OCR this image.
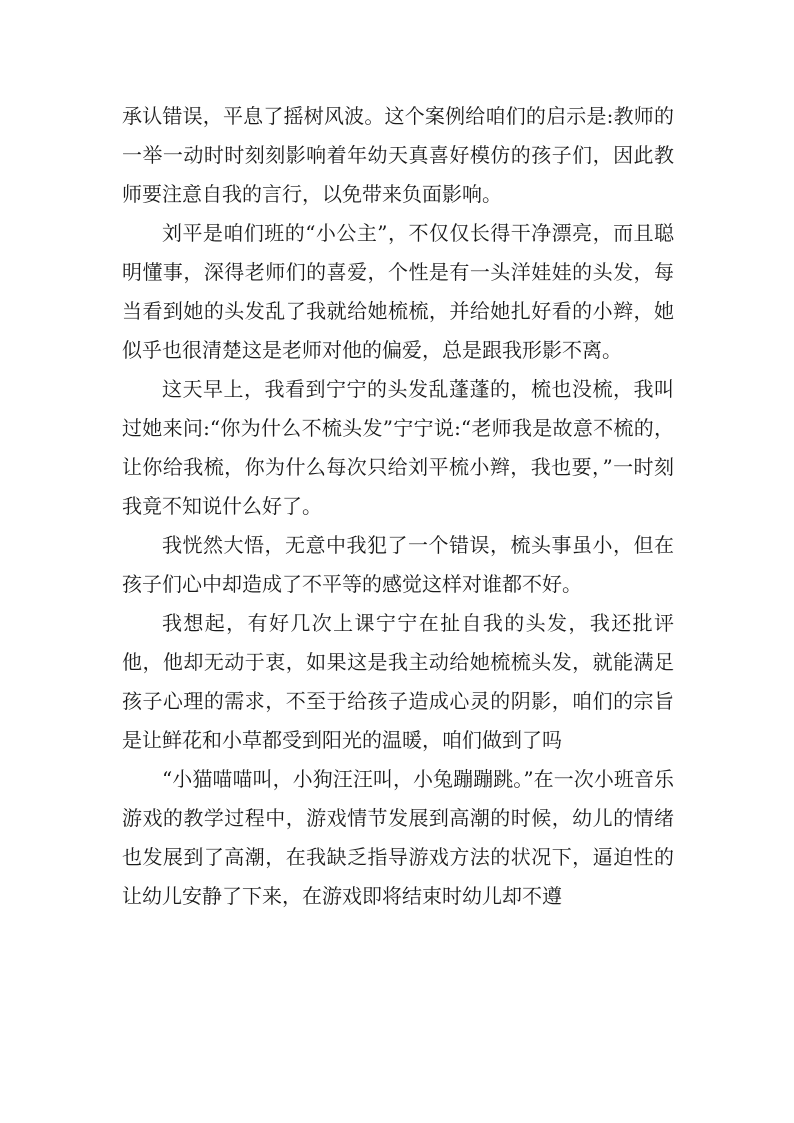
承认错误，平息了摇树风波。这个案例给咱们的启示是:教师的一举一动时时刻刻影响着年幼天真喜好模仿的孩子们，因此教师要注意自我的言行，以免带来负面影响。

刘平是咱们班的“小公主”，不仅仅长得干净漂亮，而且聪明懂事，深得老师们的喜爱，个性是有一头洋娃娃的头发，每当看到她的头发乱了我就给她梳梳，并给她扎好看的小辫，她似乎也很清楚这是老师对他的偏爱，总是跟我形影不离。

这天早上，我看到宁宁的头发乱蓬蓬的，梳也没梳，我叫过她来问:“你为什么不梳头发”宁宁说:“老师我是故意不梳的，让你给我梳，你为什么每次只给刘平梳小辫，我也要，”一时刻我竟不知说什么好了。

我恍然大悟，无意中我犯了一个错误，梳头事虽小，但在孩子们心中却造成了不平等的感觉这样对谁都不好。

我想起，有好几次上课宁宁在扯自我的头发，我还批评他，他却无动于衷，如果这是我主动给她梳梳头发，就能满足孩子心理的需求，不至于给孩子造成心灵的阴影，咱们的宗旨是让鲜花和小草都受到阳光的温暖，咱们做到了吗

“小猫喵喵叫，小狗汪汪叫，小兔蹦蹦跳。”在一次小班音乐游戏的教学过程中，游戏情节发展到高潮的时候，幼儿的情绪也发展到了高潮，在我缺乏指导游戏方法的状况下，逼迫性的让幼儿安静了下来，在游戏即将结束时幼儿却不遵
